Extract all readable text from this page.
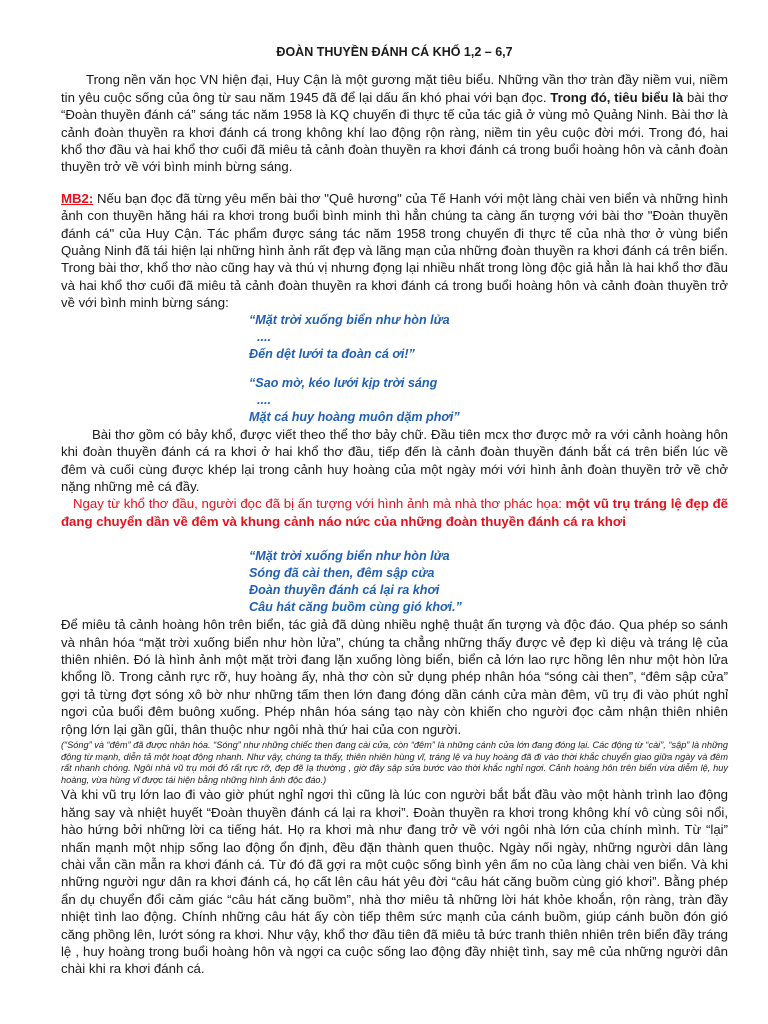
ĐOÀN THUYỀN ĐÁNH CÁ KHỔ 1,2 – 6,7

Trong nền văn học VN hiện đại, Huy Cận là một gương mặt tiêu biểu. Những vần thơ tràn đầy niềm vui, niềm tin yêu cuộc sống của ông từ sau năm 1945 đã để lại dấu ấn khó phai với bạn đọc. Trong đó, tiêu biểu là bài thơ “Đoàn thuyền đánh cá” sáng tác năm 1958 là KQ chuyến đi thực tế của tác giả ở vùng mỏ Quảng Ninh. Bài thơ là cảnh đoàn thuyền ra khơi đánh cá trong không khí lao động rộn ràng, niềm tin yêu cuộc đời mới. Trong đó, hai khổ thơ đầu và hai khổ thơ cuối đã miêu tả cảnh đoàn thuyền ra khơi đánh cá trong buổi hoàng hôn và cảnh đoàn thuyền trở về với bình minh bừng sáng.

MB2: Nếu bạn đọc đã từng yêu mến bài thơ "Quê hương" của Tế Hanh với một làng chài ven biển và những hình ảnh con thuyền hăng hái ra khơi trong buổi bình minh thì hẳn chúng ta càng ấn tượng với bài thơ "Đoàn thuyền đánh cá" của Huy Cận. Tác phẩm được sáng tác năm 1958 trong chuyến đi thực tế của nhà thơ ở vùng biển Quảng Ninh đã tái hiện lại những hình ảnh rất đẹp và lãng mạn của những đoàn thuyền ra khơi đánh cá trên biển. Trong bài thơ, khổ thơ nào cũng hay và thú vị nhưng đọng lại nhiều nhất trong lòng độc giả hẳn là hai khổ thơ đầu và hai khổ thơ cuối đã miêu tả cảnh đoàn thuyền ra khơi đánh cá trong buổi hoàng hôn và cảnh đoàn thuyền trở về với bình minh bừng sáng:

“Mặt trời xuống biển như hòn lửa
....
Đến dệt lưới ta đoàn cá ơi!”
“Sao mờ, kéo lưới kịp trời sáng
....
Mặt cá huy hoàng muôn dặm phơi”

Bài thơ gồm có bảy khổ, được viết theo thể thơ bảy chữ. Đầu tiên mcx thơ được mở ra với cảnh hoàng hôn khi đoàn thuyền đánh cá ra khơi ở hai khổ thơ đầu, tiếp đến là cảnh đoàn thuyền đánh bắt cá trên biển lúc về đêm và cuối cùng được khép lại trong cảnh huy hoàng của một ngày mới với hình ảnh đoàn thuyền trở về chở nặng những mẻ cá đầy.

Ngay từ khổ thơ đầu, người đọc đã bị ấn tượng với hình ảnh mà nhà thơ phác họa: một vũ trụ tráng lệ đẹp đẽ đang chuyển dần về đêm và khung cảnh náo nức của những đoàn thuyền đánh cá ra khơi

“Mặt trời xuống biển như hòn lửa
Sóng đã cài then, đêm sập cửa
Đoàn thuyền đánh cá lại ra khơi
Câu hát căng buồm cùng gió khơi.”

Để miêu tả cảnh hoàng hôn trên biển, tác giả đã dùng nhiều nghệ thuật ấn tượng và độc đáo. Qua phép so sánh và nhân hóa “mặt trời xuống biển như hòn lửa”, chúng ta chẳng những thấy được vẻ đẹp kì diệu và tráng lệ của thiên nhiên. Đó là hình ảnh một mặt trời đang lặn xuống lòng biển, biển cả lớn lao rực hồng lên như một hòn lửa khổng lồ. Trong cảnh rực rỡ, huy hoàng ấy, nhà thơ còn sử dụng phép nhân hóa “sóng cài then”, “đêm sập cửa” gợi tả từng đợt sóng xô bờ như những tấm then lớn đang đóng dần cánh cửa màn đêm, vũ trụ đi vào phút nghỉ ngơi của buổi đêm buông xuống. Phép nhân hóa sáng tạo này còn khiến cho người đọc cảm nhận thiên nhiên rộng lớn lại gần gũi, thân thuộc như ngôi nhà thứ hai của con người.

(“Sóng” và “đêm” đã được nhân hóa. “Sóng” như những chiếc then đang cài cửa, còn “đêm” là những cánh cửa lớn đang đóng lại. Các động từ “cài”, “sập” là những động từ mạnh, diễn tả một hoạt động nhanh. Như vậy, chúng ta thấy, thiên nhiên hùng vĩ, tráng lệ và huy hoàng đã đi vào thời khắc chuyển giao giữa ngày và đêm rất nhanh chóng. Ngôi nhà vũ trụ mới đỏ rất rực rỡ, đẹp đẽ lạ thường , giờ đây sập sửa bước vào thời khắc nghỉ ngơi. Cảnh hoàng hôn trên biển vừa diễm lệ, huy hoàng, vừa hùng vĩ được tái hiện bằng những hình ảnh độc đáo.)

Và khi vũ trụ lớn lao đi vào giờ phút nghỉ ngơi thì cũng là lúc con người bắt bắt đầu vào một hành trình lao động hăng say và nhiệt huyết “Đoàn thuyền đánh cá lại ra khơi”. Đoàn thuyền ra khơi trong không khí vô cùng sôi nổi, hào hứng bởi những lời ca tiếng hát. Họ ra khơi mà như đang trở về với ngôi nhà lớn của chính mình. Từ “lại” nhấn mạnh một nhịp sống lao động ổn định, đều đặn thành quen thuộc. Ngày nối ngày, những người dân làng chài vẫn cần mẫn ra khơi đánh cá. Từ đó đã gợi ra một cuộc sống bình yên ấm no của làng chài ven biển. Và khi những người ngư dân ra khơi đánh cá, họ cất lên câu hát yêu đời “câu hát căng buồm cùng gió khơi”. Bằng phép ẩn dụ chuyển đổi cảm giác “câu hát căng buồm”, nhà thơ miêu tả những lời hát khỏe khoắn, rộn ràng, tràn đầy nhiệt tình lao động. Chính những câu hát ấy còn tiếp thêm sức mạnh của cánh buồm, giúp cánh buồn đón gió căng phồng lên, lướt sóng ra khơi. Như vậy, khổ thơ đầu tiên đã miêu tả bức tranh thiên nhiên trên biển đầy tráng lệ , huy hoàng trong buổi hoàng hôn và ngợi ca cuộc sống lao động đầy nhiệt tình, say mê của những người dân chài khi ra khơi đánh cá.
